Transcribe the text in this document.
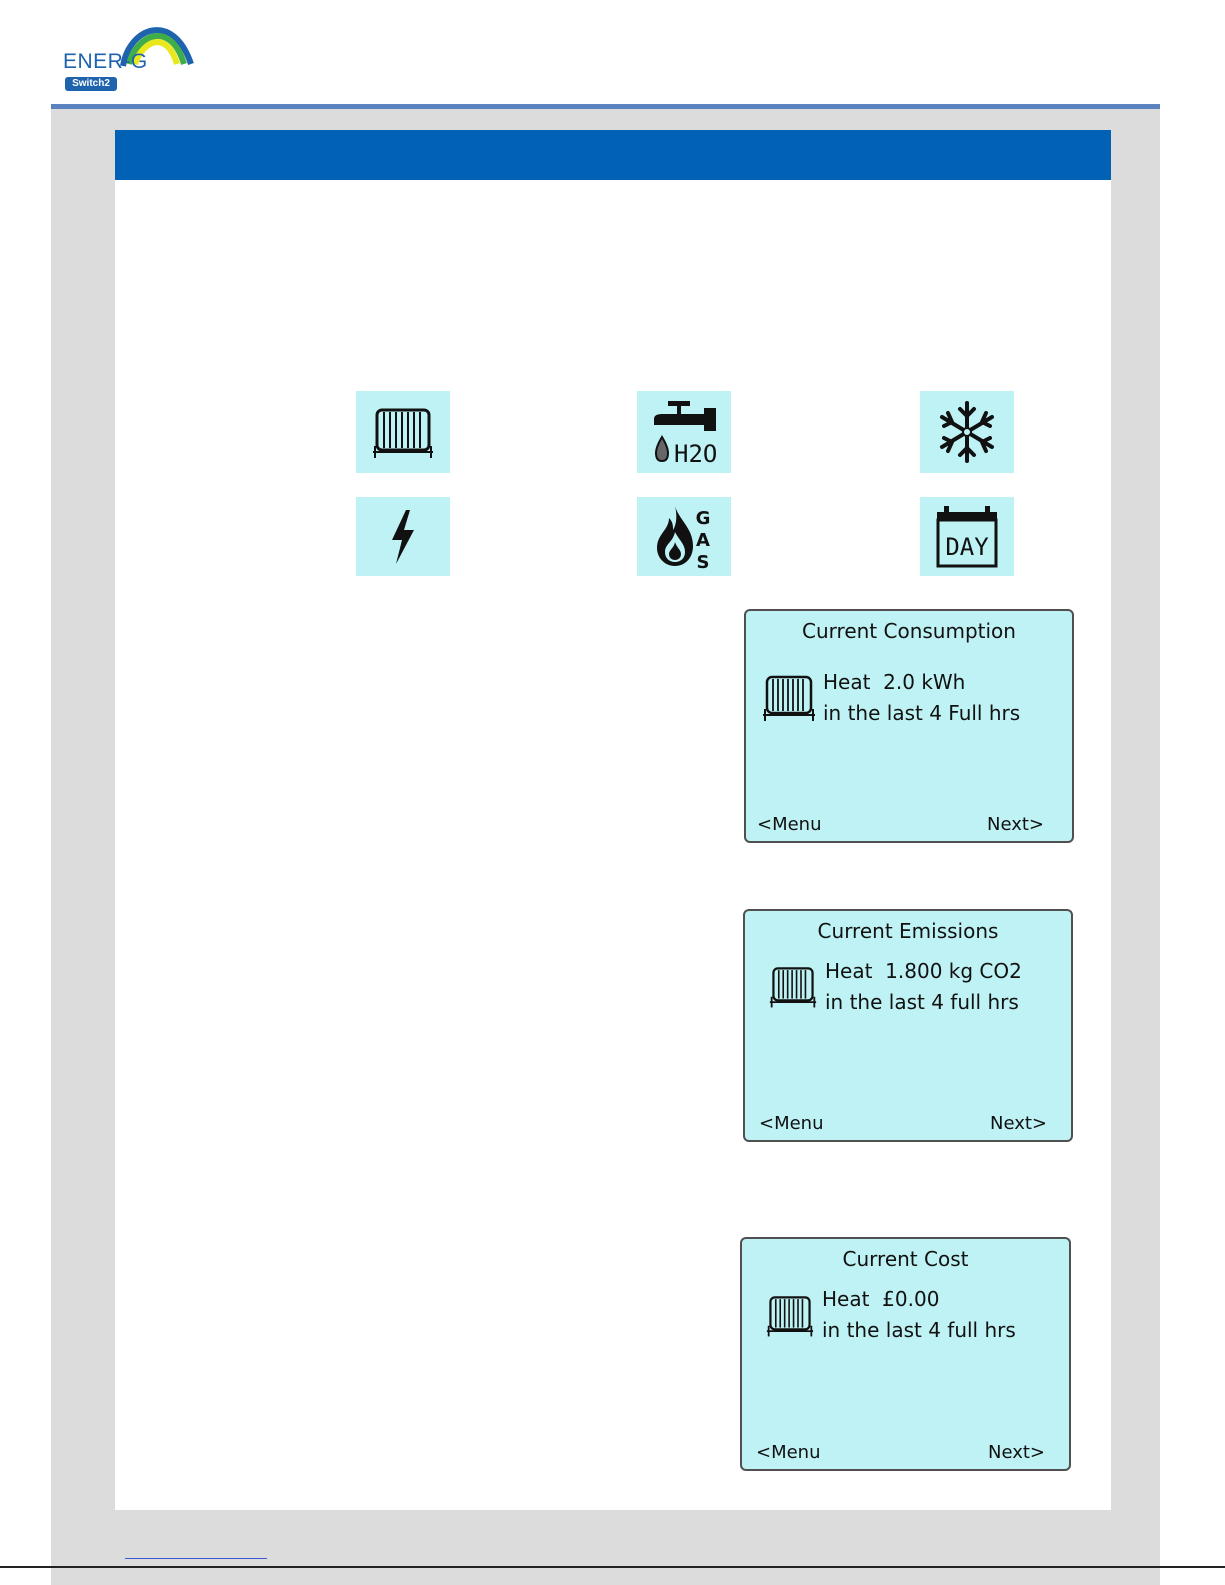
ENER-G
Switch2
H2O
G
A
S
DAY
Current Consumption
Heat  2.0 kWh
in the last 4 Full hrs
<Menu	Next>
Current Emissions
Heat  1.800 kg CO2
in the last 4 full hrs
<Menu	Next>
Current Cost
Heat  £0.00
in the last 4 full hrs
<Menu	Next>
